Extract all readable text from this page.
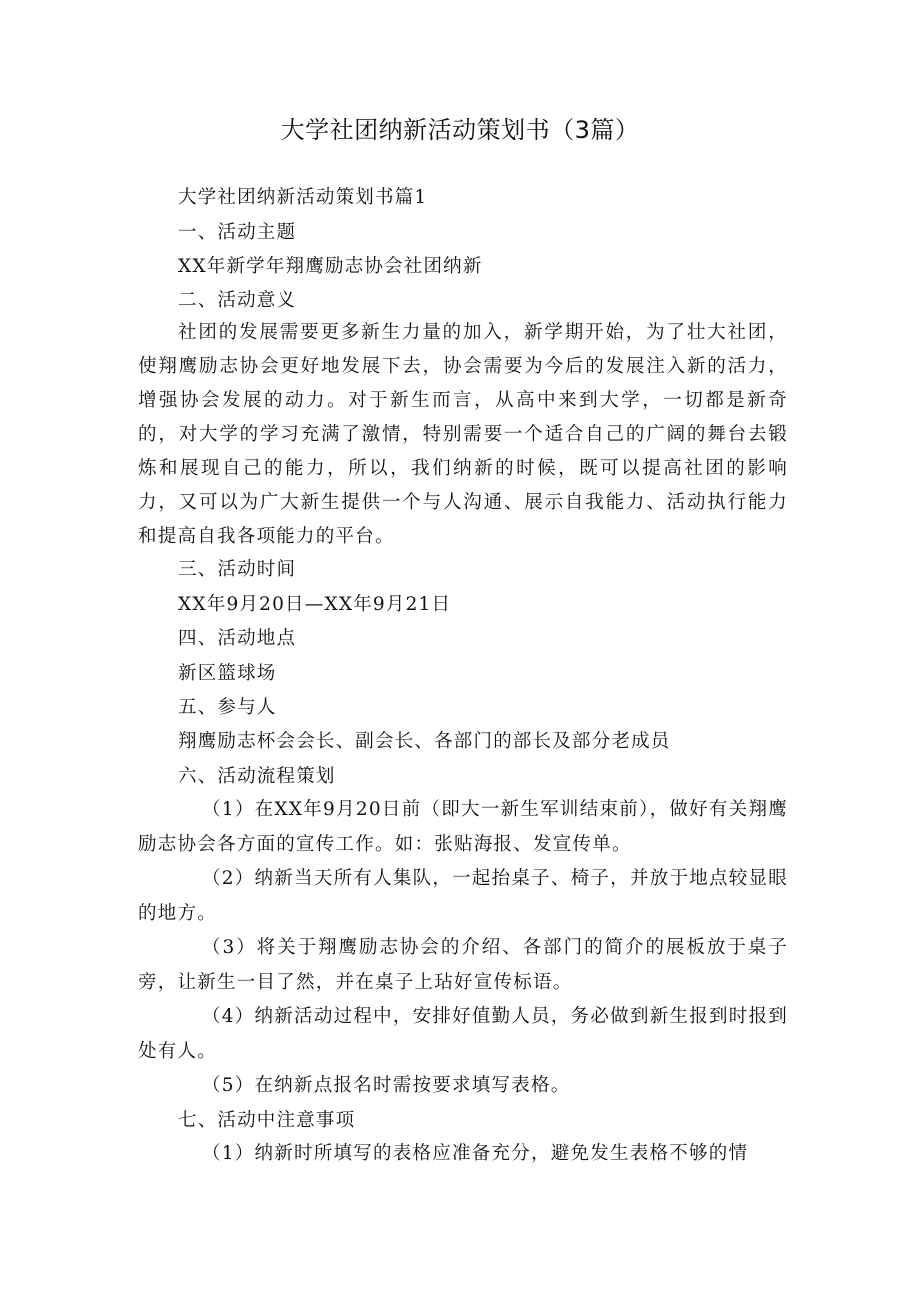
大学社团纳新活动策划书（3篇）
大学社团纳新活动策划书篇1
一、活动主题
XX年新学年翔鹰励志协会社团纳新
二、活动意义
社团的发展需要更多新生力量的加入，新学期开始，为了壮大社团，使翔鹰励志协会更好地发展下去，协会需要为今后的发展注入新的活力，增强协会发展的动力。对于新生而言，从高中来到大学，一切都是新奇的，对大学的学习充满了激情，特别需要一个适合自己的广阔的舞台去锻炼和展现自己的能力，所以，我们纳新的时候，既可以提高社团的影响力，又可以为广大新生提供一个与人沟通、展示自我能力、活动执行能力和提高自我各项能力的平台。
三、活动时间
XX年9月20日—XX年9月21日
四、活动地点
新区篮球场
五、参与人
翔鹰励志杯会会长、副会长、各部门的部长及部分老成员
六、活动流程策划
（1）在XX年9月20日前（即大一新生军训结束前），做好有关翔鹰励志协会各方面的宣传工作。如：张贴海报、发宣传单。
（2）纳新当天所有人集队，一起抬桌子、椅子，并放于地点较显眼的地方。
（3）将关于翔鹰励志协会的介绍、各部门的简介的展板放于桌子旁，让新生一目了然，并在桌子上玷好宣传标语。
（4）纳新活动过程中，安排好值勤人员，务必做到新生报到时报到处有人。
（5）在纳新点报名时需按要求填写表格。
七、活动中注意事项
（1）纳新时所填写的表格应准备充分，避免发生表格不够的情
